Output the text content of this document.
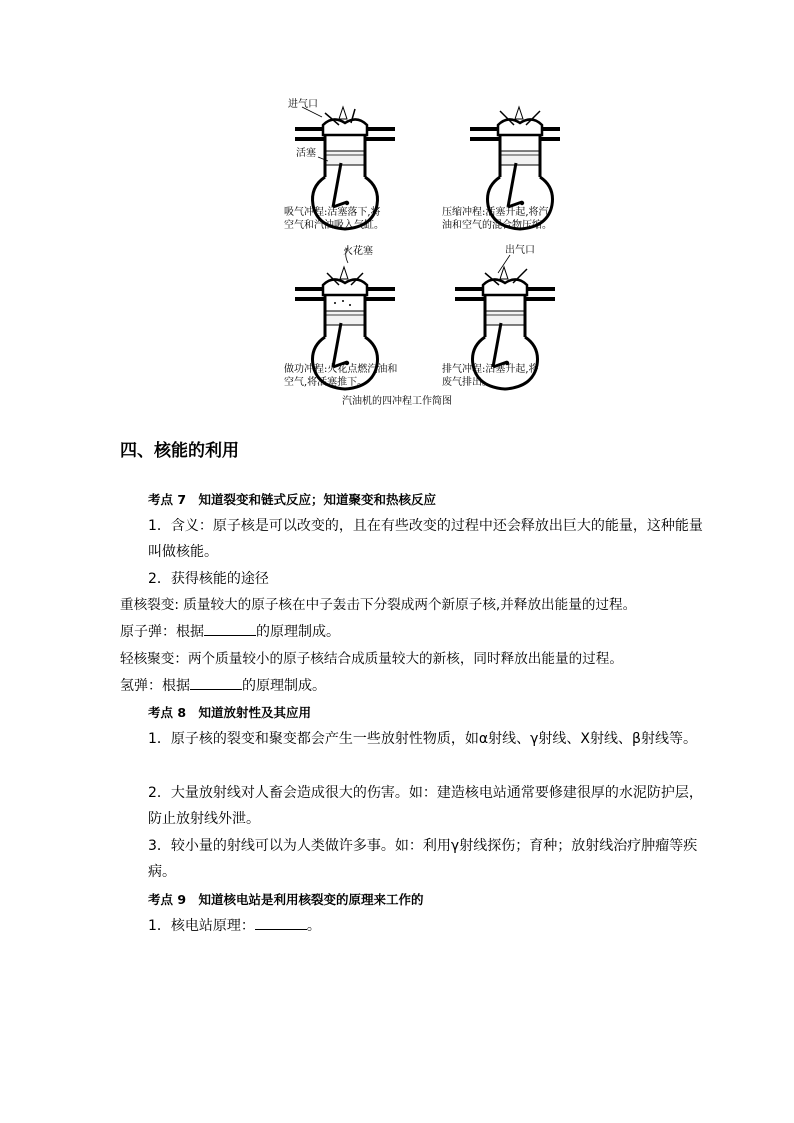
进气口
活塞
火花塞	出气口
吸气冲程:活塞落下,将空气和汽油吸入气缸。
压缩冲程:活塞升起,将汽油和空气的混合物压缩。
做功冲程:火花点燃汽油和空气,将活塞推下。
排气冲程:活塞升起,将废气排出。
汽油机的四冲程工作简图
四、核能的利用
考点 7　知道裂变和链式反应；知道聚变和热核反应
1．含义：原子核是可以改变的，且在有些改变的过程中还会释放出巨大的能量，这种能量叫做核能。
2．获得核能的途径
重核裂变: 质量较大的原子核在中子轰击下分裂成两个新原子核,并释放出能量的过程。
原子弹：根据	的原理制成。
轻核聚变：两个质量较小的原子核结合成质量较大的新核，同时释放出能量的过程。
氢弹：根据	的原理制成。
考点 8　知道放射性及其应用
1．原子核的裂变和聚变都会产生一些放射性物质，如α射线、γ射线、X射线、β射线等。
2．大量放射线对人畜会造成很大的伤害。如：建造核电站通常要修建很厚的水泥防护层，防止放射线外泄。
3．较小量的射线可以为人类做许多事。如：利用γ射线探伤；育种；放射线治疗肿瘤等疾病。
考点 9　知道核电站是利用核裂变的原理来工作的
1．核电站原理：	。
